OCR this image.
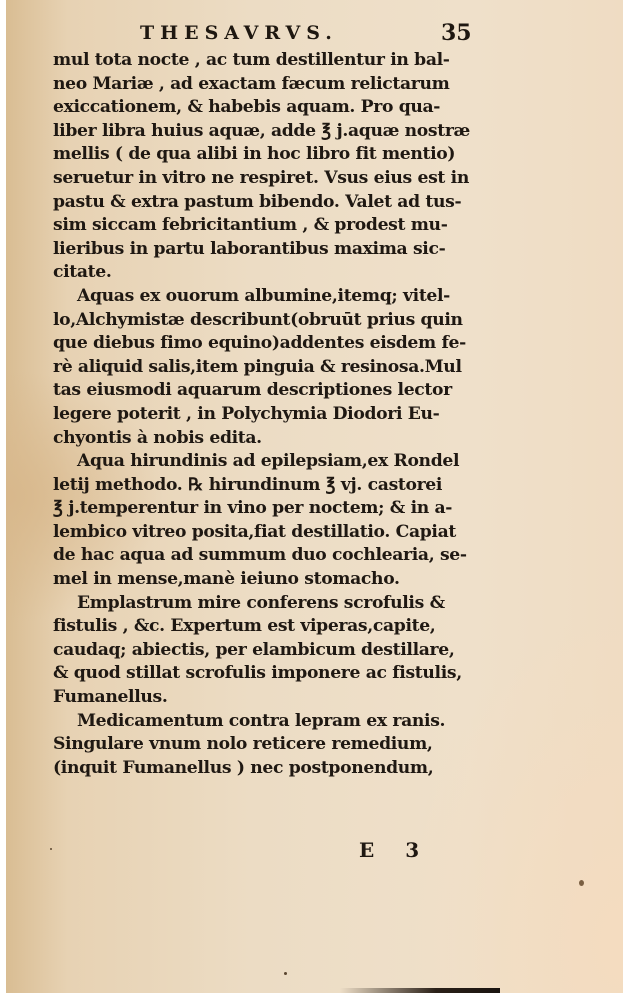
THESAVRVS.	35
mul tota nocte , ac tum destillentur in bal-
neo Mariæ , ad exactam fæcum relictarum
exiccationem, & habebis aquam. Pro qua-
liber libra huius aquæ, adde ℥ j.aquæ nostræ
mellis ( de qua alibi in hoc libro fit mentio)
seruetur in vitro ne respiret. Vsus eius est in
pastu & extra pastum bibendo. Valet ad tus-
sim siccam febricitantium , & prodest mu-
lieribus in partu laborantibus maxima sic-
citate.
Aquas ex ouorum albumine,itemq; vitel-
lo,Alchymistæ describunt(obruūt prius quin
que diebus fimo equino)addentes eisdem fe-
rè aliquid salis,item pinguia & resinosa.Mul
tas eiusmodi aquarum descriptiones lector
legere poterit , in Polychymia Diodori Eu-
chyontis à nobis edita.
Aqua hirundinis ad epilepsiam,ex Rondel
letij methodo. ℞ hirundinum ℥ vj. castorei
℥ j.temperentur in vino per noctem; & in a-
lembico vitreo posita,fiat destillatio. Capiat
de hac aqua ad summum duo cochlearia, se-
mel in mense,manè ieiuno stomacho.
Emplastrum mire conferens scrofulis &
fistulis , &c. Expertum est viperas,capite,
caudaq; abiectis, per elambicum destillare,
& quod stillat scrofulis imponere ac fistulis,
Fumanellus.
Medicamentum contra lepram ex ranis.
Singulare vnum nolo reticere remedium,
(inquit Fumanellus ) nec postponendum,
E 3
